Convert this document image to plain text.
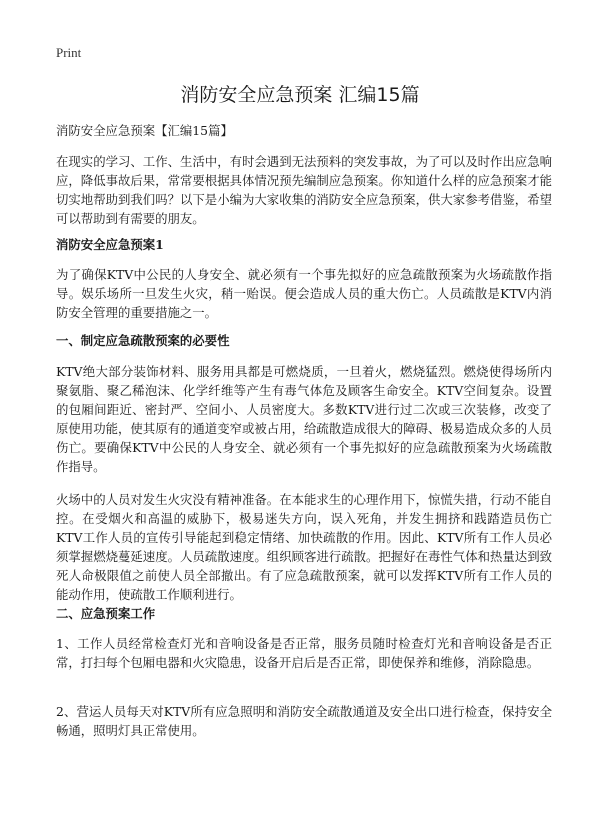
Print
消防安全应急预案 汇编15篇

消防安全应急预案【汇编15篇】

在现实的学习、工作、生活中，有时会遇到无法预料的突发事故，为了可以及时作出应急响应，降低事故后果，常常要根据具体情况预先编制应急预案。你知道什么样的应急预案才能切实地帮助到我们吗？以下是小编为大家收集的消防安全应急预案，供大家参考借鉴，希望可以帮助到有需要的朋友。

消防安全应急预案1

为了确保KTV中公民的人身安全、就必须有一个事先拟好的应急疏散预案为火场疏散作指导。娱乐场所一旦发生火灾，稍一贻误。便会造成人员的重大伤亡。人员疏散是KTV内消防安全管理的重要措施之一。

一、制定应急疏散预案的必要性

KTV绝大部分装饰材料、服务用具都是可燃烧质，一旦着火，燃烧猛烈。燃烧使得场所内聚氨脂、聚乙稀泡沫、化学纤维等产生有毒气体危及顾客生命安全。KTV空间复杂。设置的包厢间距近、密封严、空间小、人员密度大。多数KTV进行过二次或三次装修，改变了原使用功能，使其原有的通道变窄或被占用，给疏散造成很大的障碍、极易造成众多的人员伤亡。要确保KTV中公民的人身安全、就必须有一个事先拟好的应急疏散预案为火场疏散作指导。

火场中的人员对发生火灾没有精神准备。在本能求生的心理作用下，惊慌失措，行动不能自控。在受烟火和高温的威胁下，极易迷失方向，误入死角，并发生拥挤和践踏造员伤亡KTV工作人员的宣传引导能起到稳定情绪、加快疏散的作用。因此、KTV所有工作人员必须掌握燃烧蔓延速度。人员疏散速度。组织顾客进行疏散。把握好在毒性气体和热量达到致死人命极限值之前使人员全部撤出。有了应急疏散预案，就可以发挥KTV所有工作人员的能动作用，使疏散工作顺利进行。

二、应急预案工作

1、工作人员经常检查灯光和音响设备是否正常，服务员随时检查灯光和音响设备是否正常，打扫每个包厢电器和火灾隐患，设备开启后是否正常，即使保养和维修，消除隐患。

2、营运人员每天对KTV所有应急照明和消防安全疏散通道及安全出口进行检查，保持安全畅通，照明灯具正常使用。
